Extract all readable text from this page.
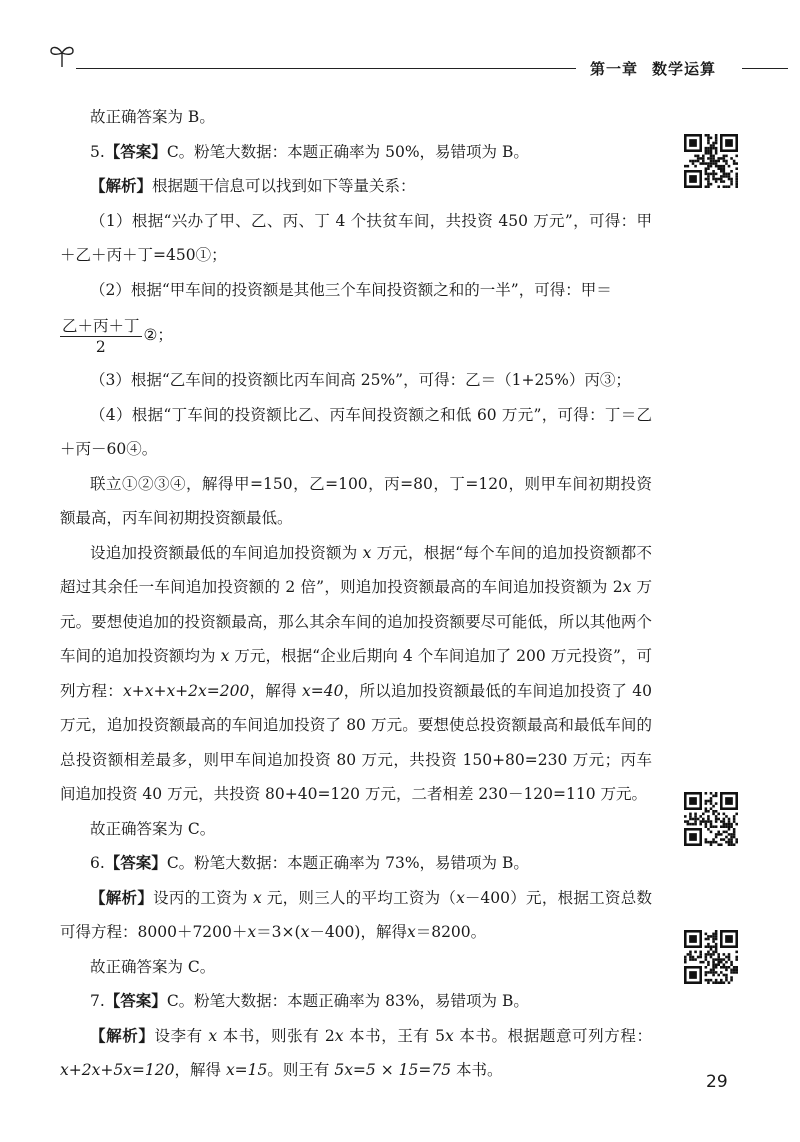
第一章 数学运算

故正确答案为 B。

5.【答案】C。粉笔大数据：本题正确率为 50%，易错项为 B。

【解析】根据题干信息可以找到如下等量关系：

（1）根据“兴办了甲、乙、丙、丁 4 个扶贫车间，共投资 450 万元”，可得：甲＋乙＋丙＋丁=450①；

（2）根据“甲车间的投资额是其他三个车间投资额之和的一半”，可得：甲＝

$\frac{\text{乙＋丙＋丁}}{2}$ ②；

（3）根据“乙车间的投资额比丙车间高 25%”，可得：乙＝（1+25%）丙③；

（4）根据“丁车间的投资额比乙、丙车间投资额之和低 60 万元”，可得：丁＝乙＋丙－60④。

联立①②③④，解得甲=150，乙=100，丙=80，丁=120，则甲车间初期投资额最高，丙车间初期投资额最低。

设追加投资额最低的车间追加投资额为 x 万元，根据“每个车间的追加投资额都不超过其余任一车间追加投资额的 2 倍”，则追加投资额最高的车间追加投资额为 2x 万元。要想使追加的投资额最高，那么其余车间的追加投资额要尽可能低，所以其他两个车间的追加投资额均为 x 万元，根据“企业后期向 4 个车间追加了 200 万元投资”，可列方程：x+x+x+2x=200，解得 x=40，所以追加投资额最低的车间追加投资了 40 万元，追加投资额最高的车间追加投资了 80 万元。要想使总投资额最高和最低车间的总投资额相差最多，则甲车间追加投资 80 万元，共投资 150+80=230 万元；丙车间追加投资 40 万元，共投资 80+40=120 万元，二者相差 230－120=110 万元。

故正确答案为 C。

6.【答案】C。粉笔大数据：本题正确率为 73%，易错项为 B。

【解析】设丙的工资为 x 元，则三人的平均工资为（x－400）元，根据工资总数可得方程：8000＋7200＋x＝3×(x－400)，解得x＝8200。

故正确答案为 C。

7.【答案】C。粉笔大数据：本题正确率为 83%，易错项为 B。

【解析】设李有 x 本书，则张有 2x 本书，王有 5x 本书。根据题意可列方程：x+2x+5x=120，解得 x=15。则王有 5x=5 × 15=75 本书。

29
